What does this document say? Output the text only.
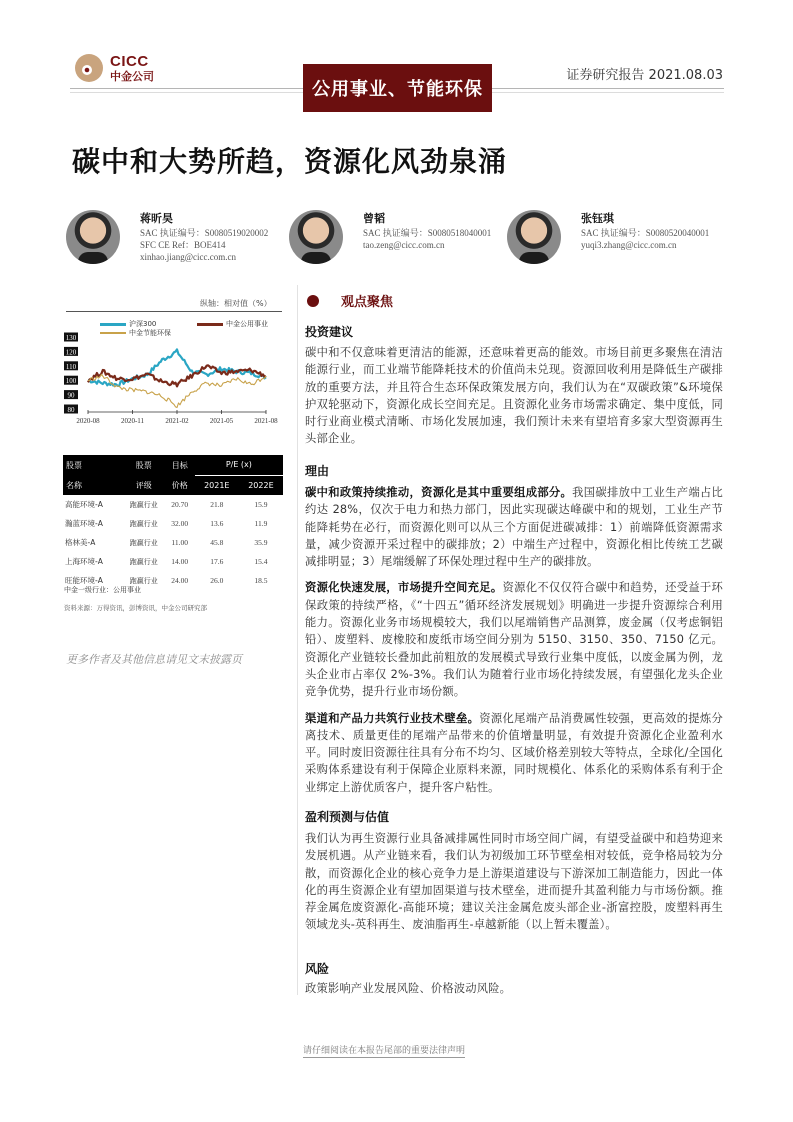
CICC
中金公司
公用事业、节能环保
证券研究报告 2021.08.03
碳中和大势所趋，资源化风劲泉涌
蒋昕昊
SAC 执证编号：S0080519020002
SFC CE Ref：BOE414
xinhao.jiang@cicc.com.cn
曾韬
SAC 执证编号：S0080518040001
tao.zeng@cicc.com.cn
张钰琪
SAC 执证编号：S0080520040001
yuqi3.zhang@cicc.com.cn
纵轴：相对值（%）
沪深300	中金公用事业
中金节能环保
80
90
100
110
120
130
2020-08	2020-11	2021-02	2021-05	2021-08
股票	股票	目标	P/E (x)	
名称	评级	价格	2021E	2022E
高能环境-A	跑赢行业	20.70	21.8	15.9
瀚蓝环境-A	跑赢行业	32.00	13.6	11.9
格林美-A	跑赢行业	11.00	45.8	35.9
上海环境-A	跑赢行业	14.00	17.6	15.4
旺能环境-A	跑赢行业	24.00	26.0	18.5
中金一级行业：公用事业
资料来源：万得资讯，彭博资讯，中金公司研究部
更多作者及其他信息请见文末披露页
观点聚焦
投资建议

碳中和不仅意味着更清洁的能源，还意味着更高的能效。市场目前更多聚焦在清洁能源行业，而工业端节能降耗技术的价值尚未兑现。资源回收利用是降低生产碳排放的重要方法，并且符合生态环保政策发展方向，我们认为在“双碳政策”&环境保护双轮驱动下，资源化成长空间充足。且资源化业务市场需求确定、集中度低，同时行业商业模式清晰、市场化发展加速，我们预计未来有望培育多家大型资源再生头部企业。

理由

碳中和政策持续推动，资源化是其中重要组成部分。我国碳排放中工业生产端占比约达 28%，仅次于电力和热力部门，因此实现碳达峰碳中和的规划，工业生产节能降耗势在必行，而资源化则可以从三个方面促进碳减排：1）前端降低资源需求量，减少资源开采过程中的碳排放；2）中端生产过程中，资源化相比传统工艺碳减排明显；3）尾端缓解了环保处理过程中生产的碳排放。

资源化快速发展，市场提升空间充足。资源化不仅仅符合碳中和趋势，还受益于环保政策的持续严格，《“十四五”循环经济发展规划》明确进一步提升资源综合利用能力。资源化业务市场规模较大，我们以尾端销售产品测算，废金属（仅考虑铜铝铅）、废塑料、废橡胶和废纸市场空间分别为 5150、3150、350、7150 亿元。资源化产业链较长叠加此前粗放的发展模式导致行业集中度低，以废金属为例，龙头企业市占率仅 2%-3%。我们认为随着行业市场化持续发展，有望强化龙头企业竞争优势，提升行业市场份额。

渠道和产品力共筑行业技术壁垒。资源化尾端产品消费属性较强，更高效的提炼分离技术、质量更佳的尾端产品带来的价值增量明显，有效提升资源化企业盈利水平。同时废旧资源往往具有分布不均匀、区域价格差别较大等特点，全球化/全国化采购体系建设有利于保障企业原料来源，同时规模化、体系化的采购体系有利于企业绑定上游优质客户，提升客户粘性。

盈利预测与估值

我们认为再生资源行业具备减排属性同时市场空间广阔，有望受益碳中和趋势迎来发展机遇。从产业链来看，我们认为初级加工环节壁垒相对较低，竞争格局较为分散，而资源化企业的核心竞争力是上游渠道建设与下游深加工制造能力，因此一体化的再生资源企业有望加固渠道与技术壁垒，进而提升其盈利能力与市场份额。推荐金属危废资源化-高能环境；建议关注金属危废头部企业-浙富控股，废塑料再生领域龙头-英科再生、废油脂再生-卓越新能（以上暂未覆盖）。

风险

政策影响产业发展风险、价格波动风险。

请仔细阅读在本报告尾部的重要法律声明
